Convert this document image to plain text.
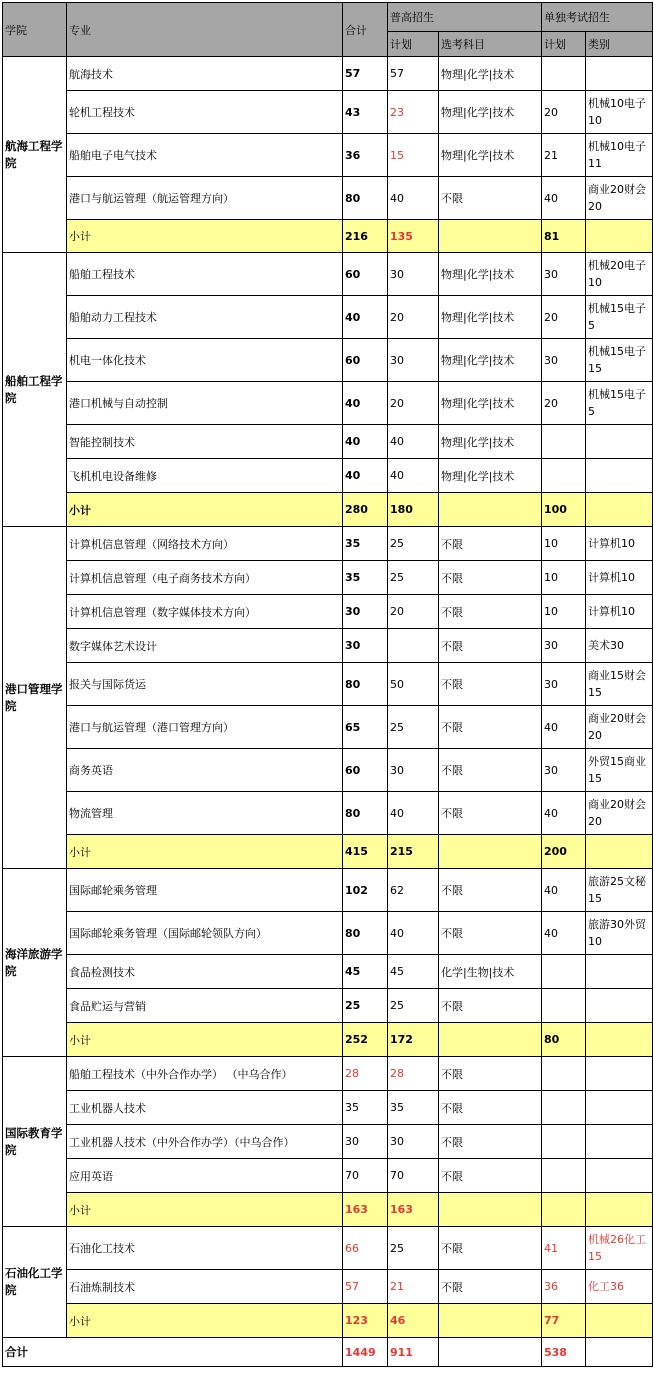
学院	专业	合计	普高招生		单独考试招生	
			计划	选考科目	计划	类别
航海工程学院	航海技术	57	57	物理|化学|技术		
	轮机工程技术	43	23	物理|化学|技术	20	机械10电子10
	船舶电子电气技术	36	15	物理|化学|技术	21	机械10电子11
	港口与航运管理（航运管理方向）	80	40	不限	40	商业20财会20
	小计	216	135		81	
船舶工程学院	船舶工程技术	60	30	物理|化学|技术	30	机械20电子10
	船舶动力工程技术	40	20	物理|化学|技术	20	机械15电子5
	机电一体化技术	60	30	物理|化学|技术	30	机械15电子15
	港口机械与自动控制	40	20	物理|化学|技术	20	机械15电子5
	智能控制技术	40	40	物理|化学|技术		
	飞机机电设备维修	40	40	物理|化学|技术		
	小计	280	180		100	
港口管理学院	计算机信息管理（网络技术方向）	35	25	不限	10	计算机10
	计算机信息管理（电子商务技术方向）	35	25	不限	10	计算机10
	计算机信息管理（数字媒体技术方向）	30	20	不限	10	计算机10
	数字媒体艺术设计	30		不限	30	美术30
	报关与国际货运	80	50	不限	30	商业15财会15
	港口与航运管理（港口管理方向）	65	25	不限	40	商业20财会20
	商务英语	60	30	不限	30	外贸15商业15
	物流管理	80	40	不限	40	商业20财会20
	小计	415	215		200	
海洋旅游学院	国际邮轮乘务管理	102	62	不限	40	旅游25文秘15
	国际邮轮乘务管理（国际邮轮领队方向）	80	40	不限	40	旅游30外贸10
	食品检测技术	45	45	化学|生物|技术		
	食品贮运与营销	25	25	不限		
	小计	252	172		80	
国际教育学院	船舶工程技术（中外合作办学） （中乌合作）	28	28	不限		
	工业机器人技术	35	35	不限		
	工业机器人技术（中外合作办学）（中乌合作）	30	30	不限		
	应用英语	70	70	不限		
	小计	163	163			
石油化工学院	石油化工技术	66	25	不限	41	机械26化工15
	石油炼制技术	57	21	不限	36	化工36
	小计	123	46		77	
合计		1449	911		538	
